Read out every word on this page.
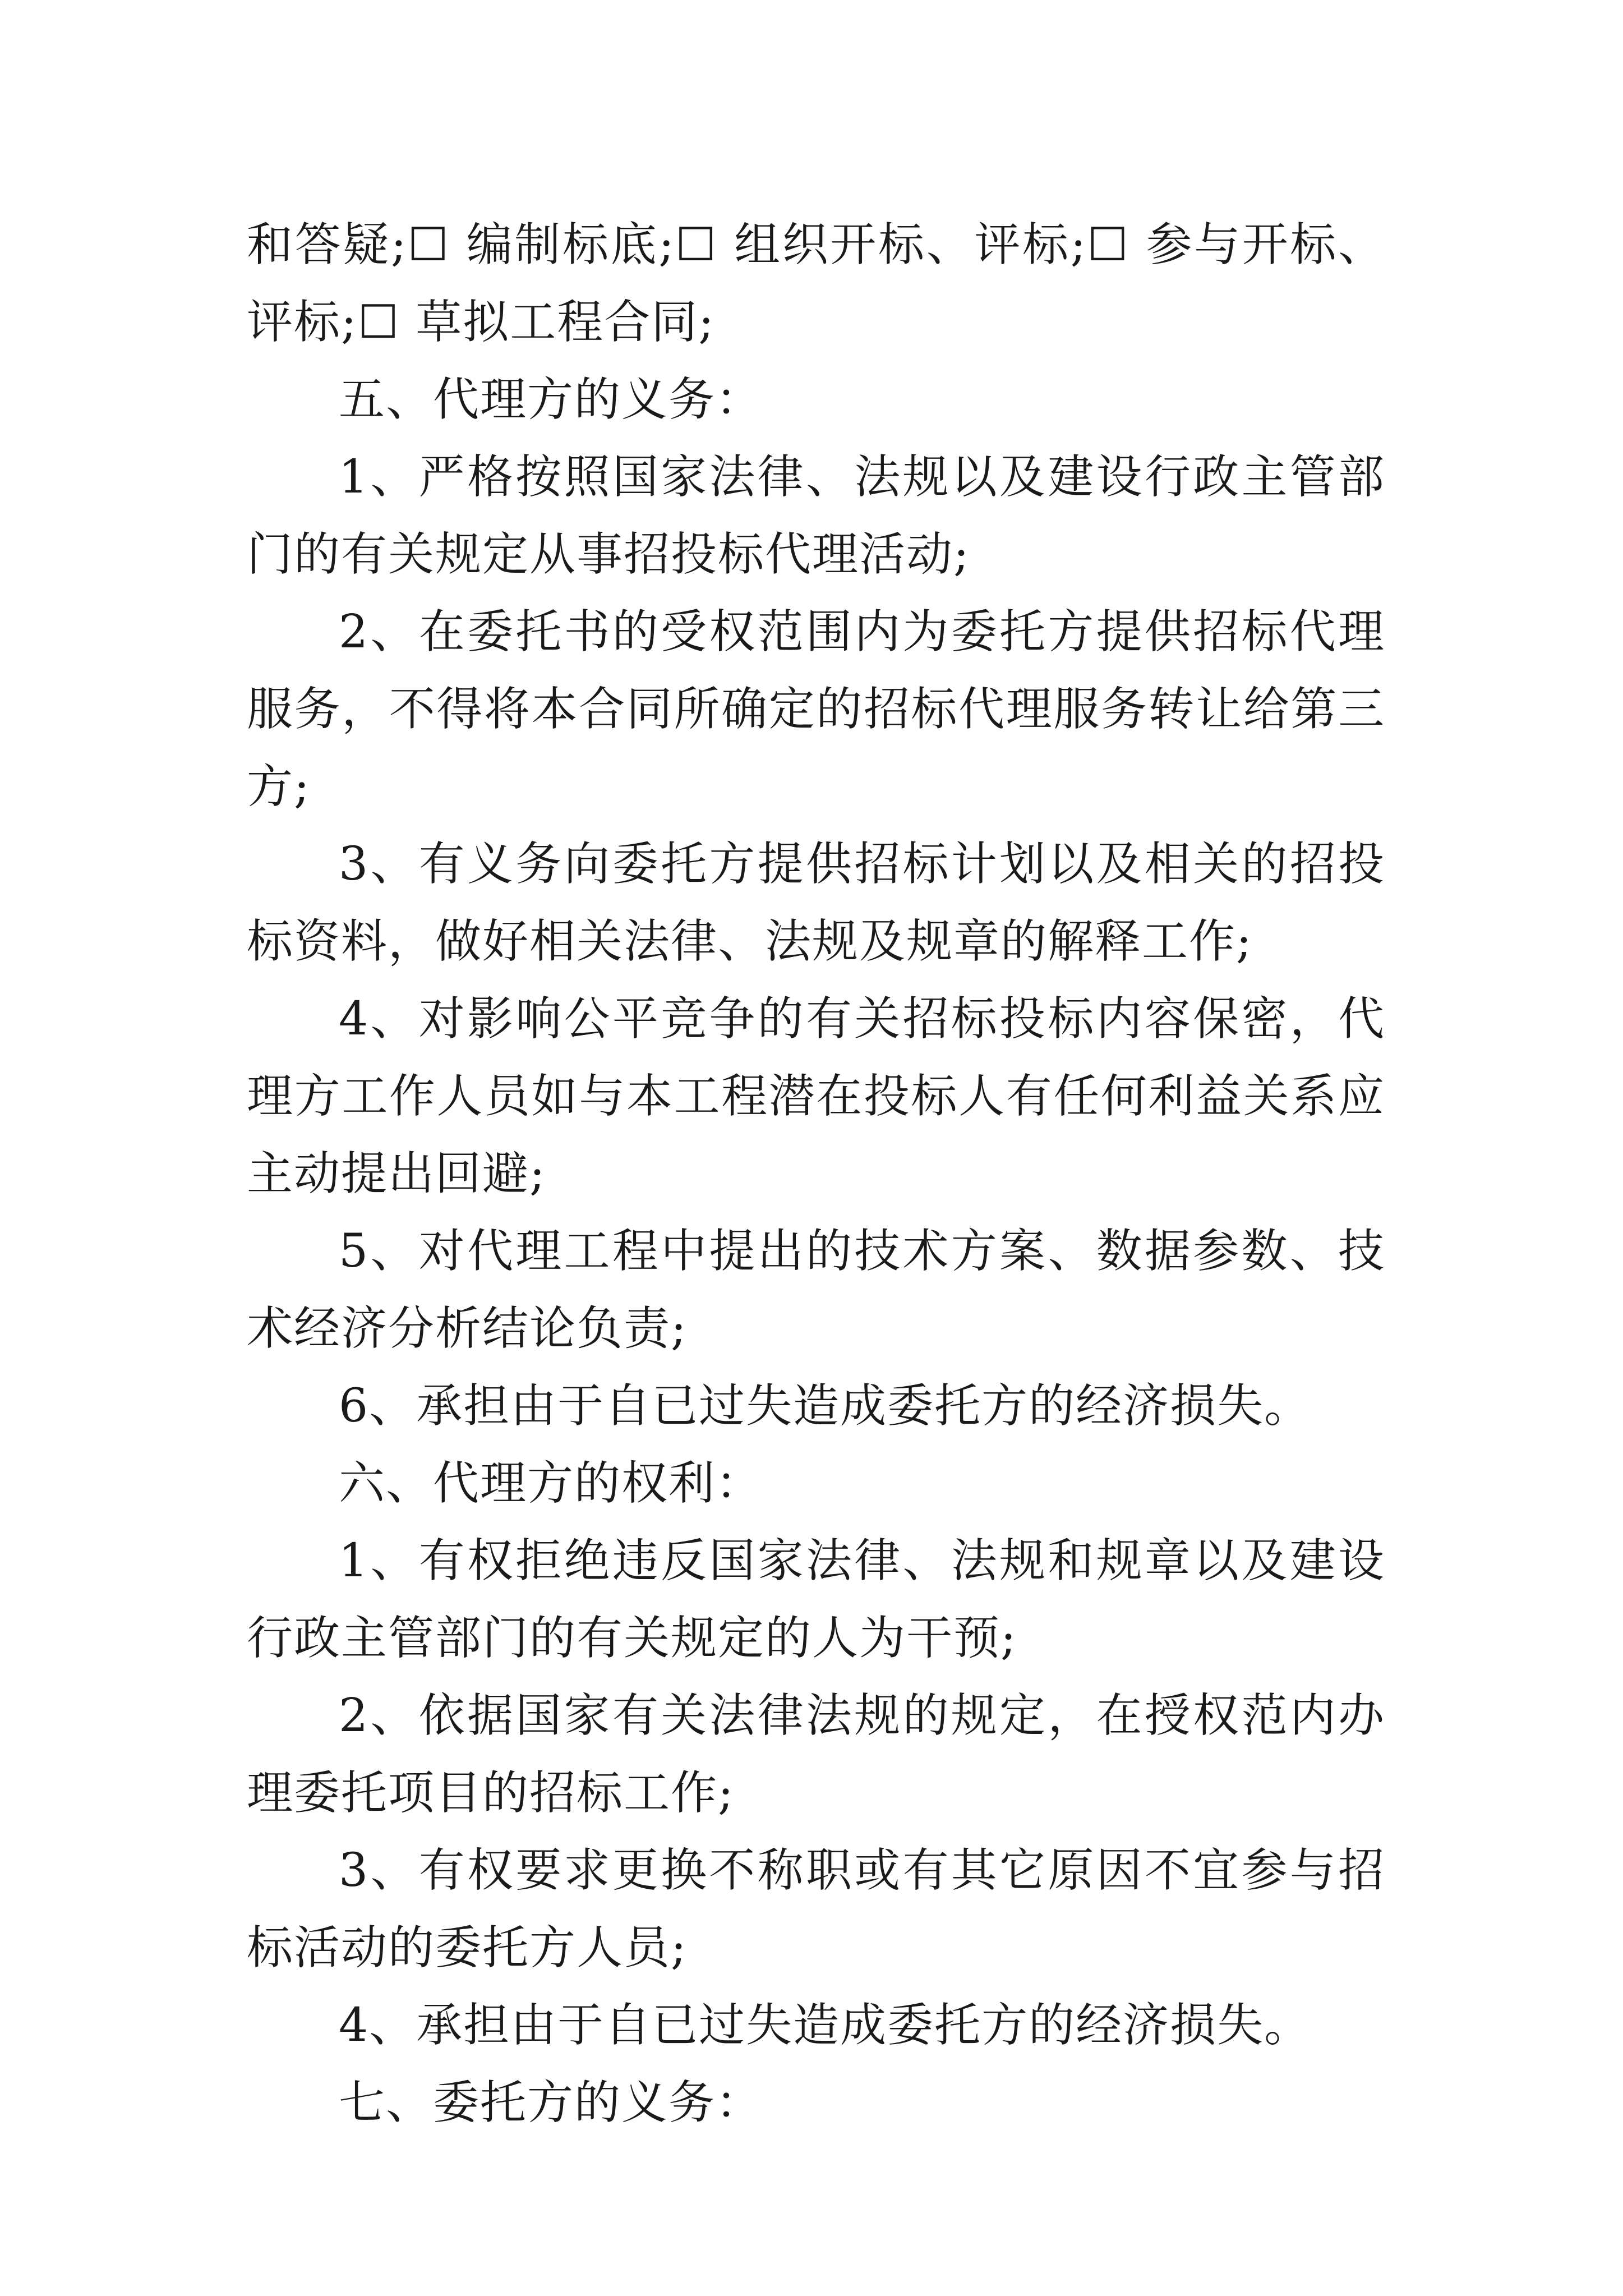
和答疑;☐ 编制标底;☐ 组织开标、评标;☐ 参与开标、评标;☐ 草拟工程合同;

五、代理方的义务：

1、严格按照国家法律、法规以及建设行政主管部门的有关规定从事招投标代理活动;

2、在委托书的受权范围内为委托方提供招标代理服务，不得将本合同所确定的招标代理服务转让给第三方;

3、有义务向委托方提供招标计划以及相关的招投标资料，做好相关法律、法规及规章的解释工作;

4、对影响公平竞争的有关招标投标内容保密，代理方工作人员如与本工程潜在投标人有任何利益关系应主动提出回避;

5、对代理工程中提出的技术方案、数据参数、技术经济分析结论负责;

6、承担由于自已过失造成委托方的经济损失。

六、代理方的权利：

1、有权拒绝违反国家法律、法规和规章以及建设行政主管部门的有关规定的人为干预;

2、依据国家有关法律法规的规定，在授权范内办理委托项目的招标工作;

3、有权要求更换不称职或有其它原因不宜参与招标活动的委托方人员;

4、承担由于自已过失造成委托方的经济损失。

七、委托方的义务：
